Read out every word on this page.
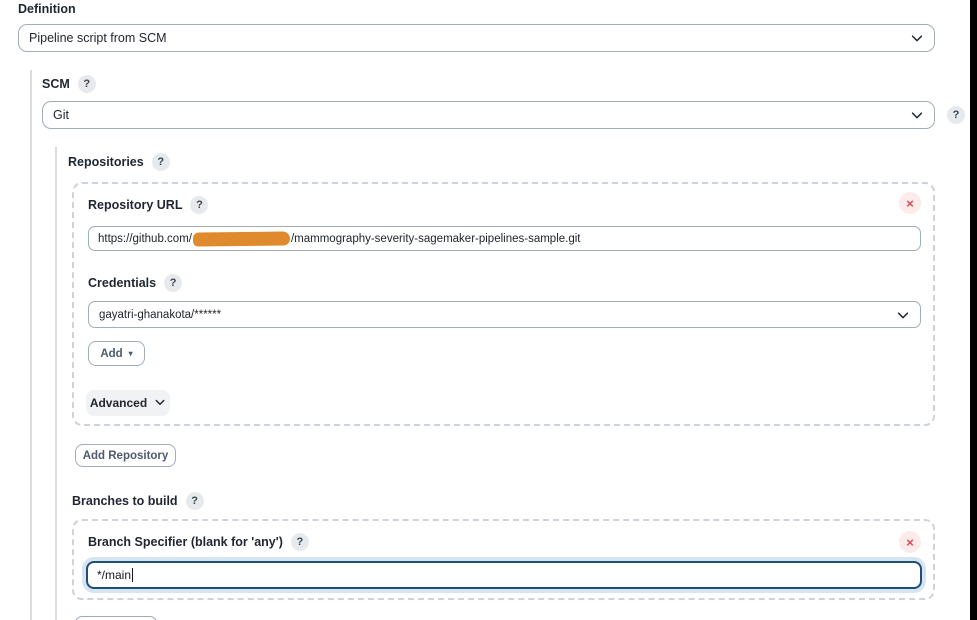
Definition
Pipeline script from SCM
SCM	?
Git	?
Repositories	?
Repository URL	?	×
https://github.com/	/mammography-severity-sagemaker-pipelines-sample.git
Credentials	?
gayatri-ghanakota/******
Add ▾
Advanced
Add Repository
Branches to build	?
Branch Specifier (blank for 'any')	?	×
*/main
